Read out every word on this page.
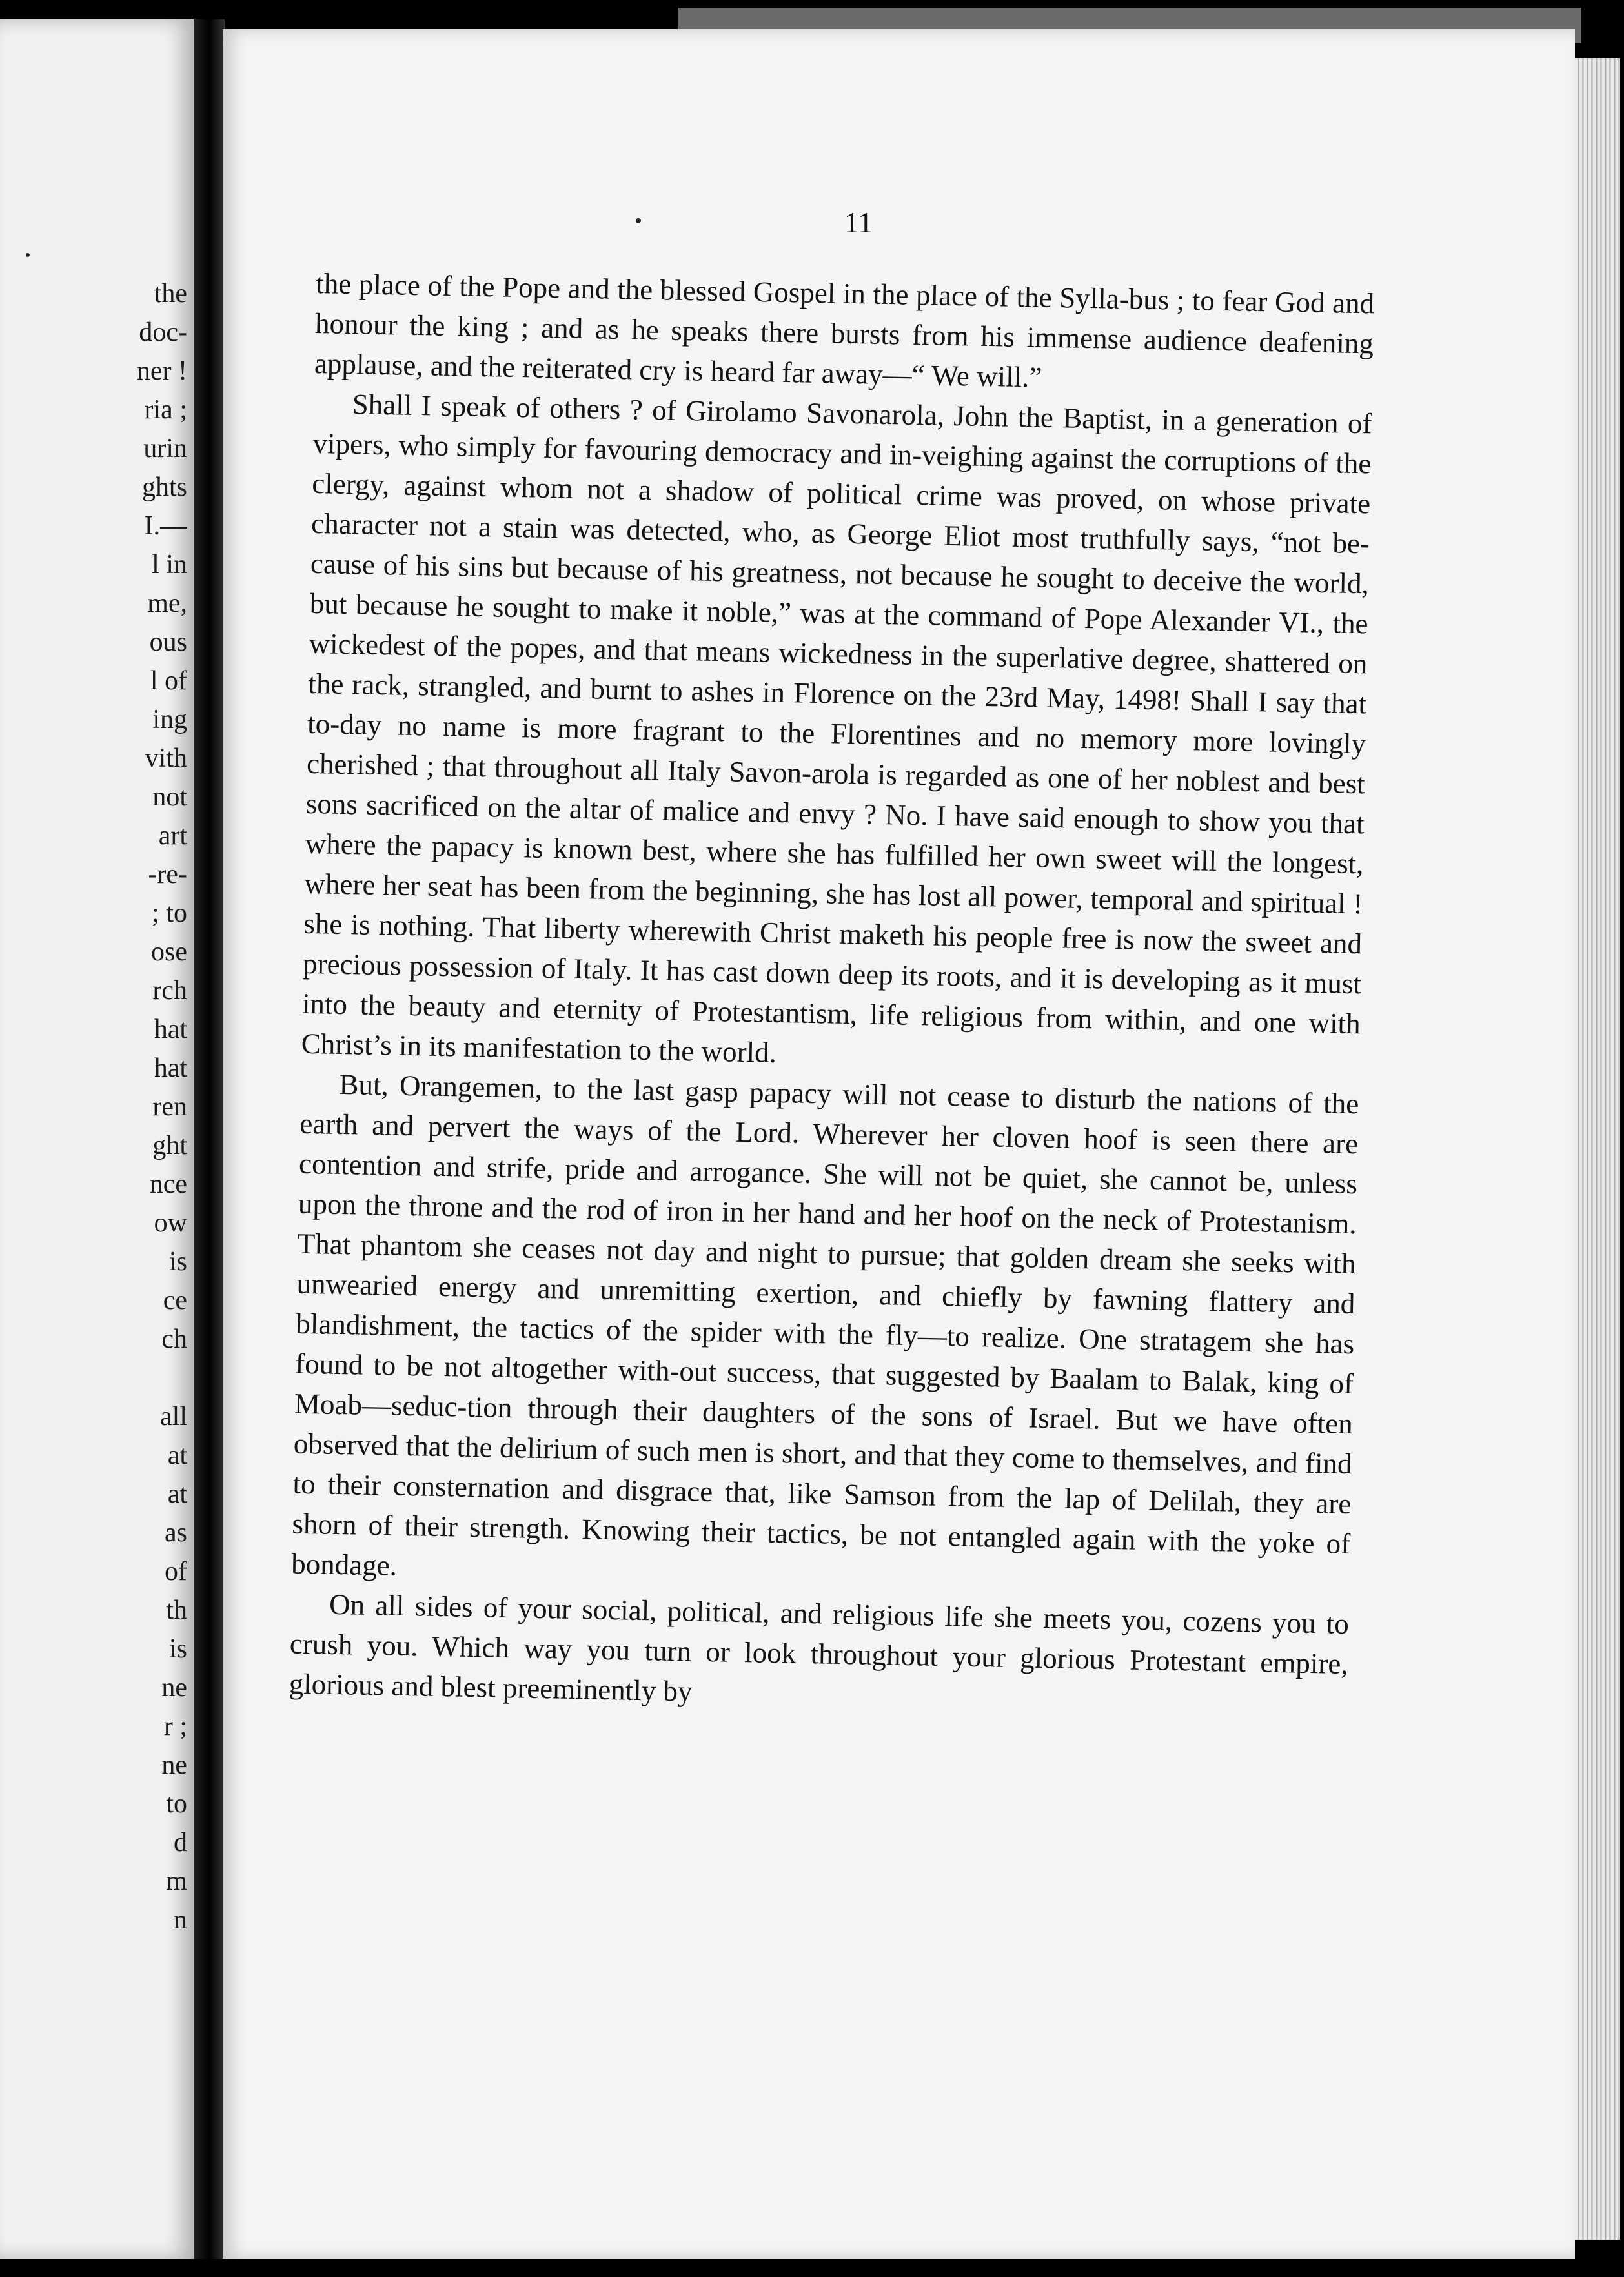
the
doc-
ner !
ria ;
urin
ghts
I.—
l in
me,
ous
l of
ing
vith
not
art
-re-
; to
ose
rch
hat
hat
ren
ght
nce
ow
is
ce
ch
all
at
at
as
of
th
is
ne
r ;
ne
to
d
m
n
11

the place of the Pope and the blessed Gospel in the place of the Sylla-bus ; to fear God and honour the king ; and as he speaks there bursts from his immense audience deafening applause, and the reiterated cry is heard far away—“ We will.”

Shall I speak of others ? of Girolamo Savonarola, John the Baptist, in a generation of vipers, who simply for favouring democracy and in-veighing against the corruptions of the clergy, against whom not a shadow of political crime was proved, on whose private character not a stain was detected, who, as George Eliot most truthfully says, “not be-cause of his sins but because of his greatness, not because he sought to deceive the world, but because he sought to make it noble,” was at the command of Pope Alexander VI., the wickedest of the popes, and that means wickedness in the superlative degree, shattered on the rack, strangled, and burnt to ashes in Florence on the 23rd May, 1498! Shall I say that to-day no name is more fragrant to the Florentines and no memory more lovingly cherished ; that throughout all Italy Savon-arola is regarded as one of her noblest and best sons sacrificed on the altar of malice and envy ? No. I have said enough to show you that where the papacy is known best, where she has fulfilled her own sweet will the longest, where her seat has been from the beginning, she has lost all power, temporal and spiritual ! she is nothing. That liberty wherewith Christ maketh his people free is now the sweet and precious possession of Italy. It has cast down deep its roots, and it is developing as it must into the beauty and eternity of Protestantism, life religious from within, and one with Christ’s in its manifestation to the world.

But, Orangemen, to the last gasp papacy will not cease to disturb the nations of the earth and pervert the ways of the Lord. Wherever her cloven hoof is seen there are contention and strife, pride and arrogance. She will not be quiet, she cannot be, unless upon the throne and the rod of iron in her hand and her hoof on the neck of Protestanism. That phantom she ceases not day and night to pursue; that golden dream she seeks with unwearied energy and unremitting exertion, and chiefly by fawning flattery and blandishment, the tactics of the spider with the fly—to realize. One stratagem she has found to be not altogether with-out success, that suggested by Baalam to Balak, king of Moab—seduc-tion through their daughters of the sons of Israel. But we have often observed that the delirium of such men is short, and that they come to themselves, and find to their consternation and disgrace that, like Samson from the lap of Delilah, they are shorn of their strength. Knowing their tactics, be not entangled again with the yoke of bondage.

On all sides of your social, political, and religious life she meets you, cozens you to crush you. Which way you turn or look throughout your glorious Protestant empire, glorious and blest preeminently by
